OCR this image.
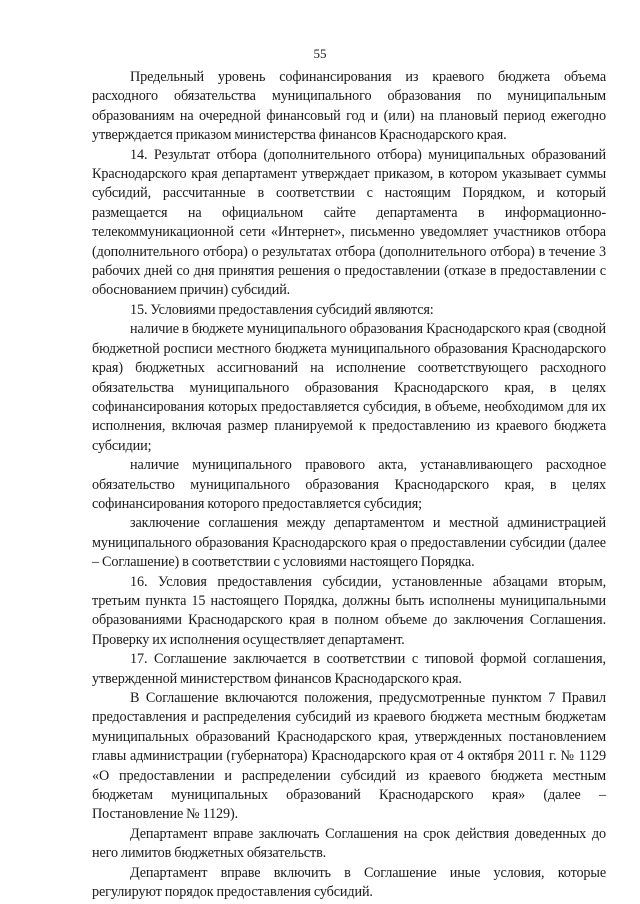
55

Предельный уровень софинансирования из краевого бюджета объема расходного обязательства муниципального образования по муниципальным образованиям на очередной финансовый год и (или) на плановый период ежегодно утверждается приказом министерства финансов Краснодарского края.

14. Результат отбора (дополнительного отбора) муниципальных образований Краснодарского края департамент утверждает приказом, в котором указывает суммы субсидий, рассчитанные в соответствии с настоящим Порядком, и который размещается на официальном сайте департамента в информационно-телекоммуникационной сети «Интернет», письменно уведомляет участников отбора (дополнительного отбора) о результатах отбора (дополнительного отбора) в течение 3 рабочих дней со дня принятия решения о предоставлении (отказе в предоставлении с обоснованием причин) субсидий.

15. Условиями предоставления субсидий являются:

наличие в бюджете муниципального образования Краснодарского края (сводной бюджетной росписи местного бюджета муниципального образования Краснодарского края) бюджетных ассигнований на исполнение соответствующего расходного обязательства муниципального образования Краснодарского края, в целях софинансирования которых предоставляется субсидия, в объеме, необходимом для их исполнения, включая размер планируемой к предоставлению из краевого бюджета субсидии;

наличие муниципального правового акта, устанавливающего расходное обязательство муниципального образования Краснодарского края, в целях софинансирования которого предоставляется субсидия;

заключение соглашения между департаментом и местной администрацией муниципального образования Краснодарского края о предоставлении субсидии (далее – Соглашение) в соответствии с условиями настоящего Порядка.

16. Условия предоставления субсидии, установленные абзацами вторым, третьим пункта 15 настоящего Порядка, должны быть исполнены муниципальными образованиями Краснодарского края в полном объеме до заключения Соглашения. Проверку их исполнения осуществляет департамент.

17. Соглашение заключается в соответствии с типовой формой соглашения, утвержденной министерством финансов Краснодарского края.

В Соглашение включаются положения, предусмотренные пунктом 7 Правил предоставления и распределения субсидий из краевого бюджета местным бюджетам муниципальных образований Краснодарского края, утвержденных постановлением главы администрации (губернатора) Краснодарского края от 4 октября 2011 г. № 1129 «О предоставлении и распределении субсидий из краевого бюджета местным бюджетам муниципальных образований Краснодарского края» (далее – Постановление № 1129).

Департамент вправе заключать Соглашения на срок действия доведенных до него лимитов бюджетных обязательств.

Департамент вправе включить в Соглашение иные условия, которые регулируют порядок предоставления субсидий.
